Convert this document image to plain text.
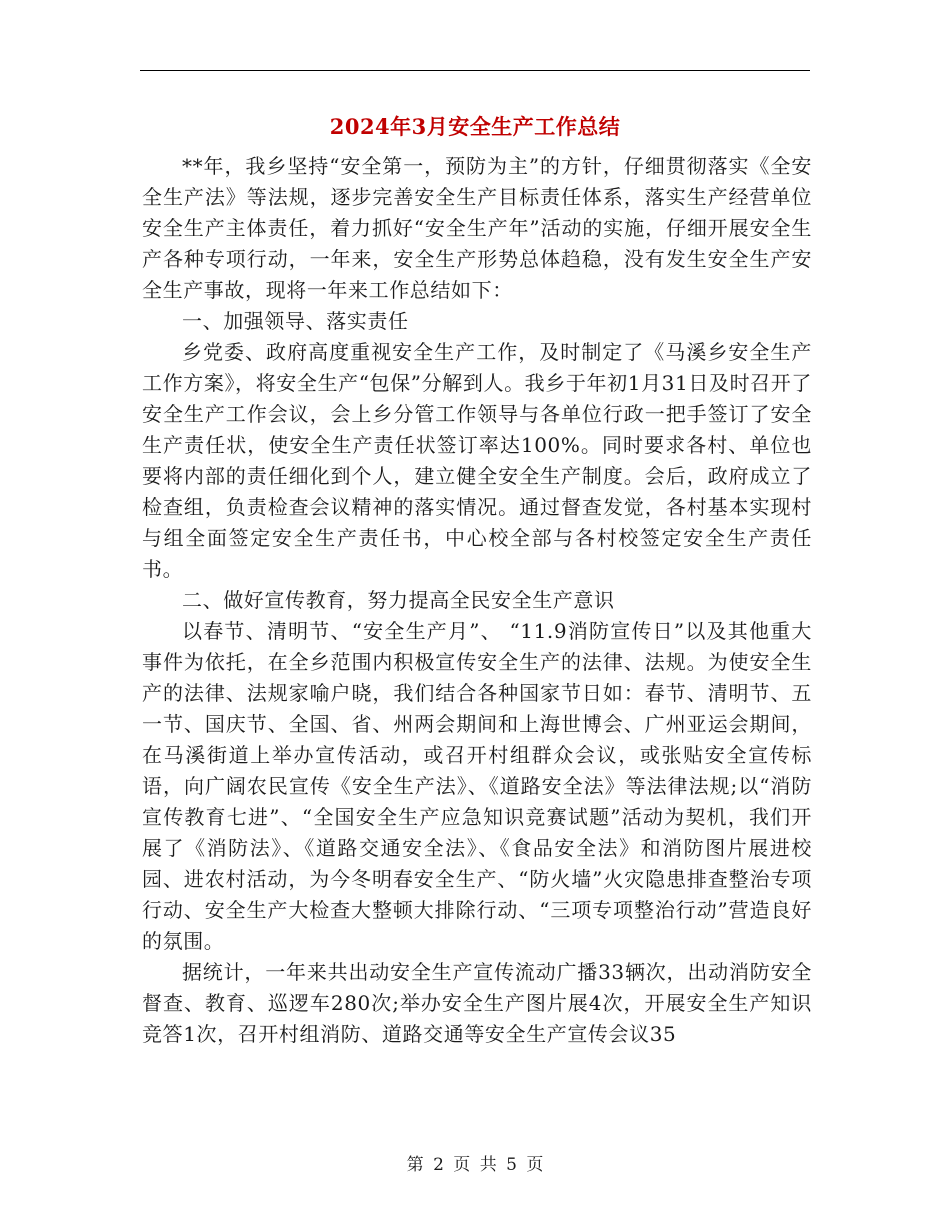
2024年3月安全生产工作总结

**年，我乡坚持“安全第一，预防为主”的方针，仔细贯彻落实《全安全生产法》等法规，逐步完善安全生产目标责任体系，落实生产经营单位安全生产主体责任，着力抓好“安全生产年”活动的实施，仔细开展安全生产各种专项行动，一年来，安全生产形势总体趋稳，没有发生安全生产安全生产事故，现将一年来工作总结如下：

一、加强领导、落实责任

乡党委、政府高度重视安全生产工作，及时制定了《马溪乡安全生产工作方案》，将安全生产“包保”分解到人。我乡于年初1月31日及时召开了安全生产工作会议，会上乡分管工作领导与各单位行政一把手签订了安全生产责任状，使安全生产责任状签订率达100%。同时要求各村、单位也要将内部的责任细化到个人，建立健全安全生产制度。会后，政府成立了检查组，负责检查会议精神的落实情况。通过督查发觉，各村基本实现村与组全面签定安全生产责任书，中心校全部与各村校签定安全生产责任书。

二、做好宣传教育，努力提高全民安全生产意识

以春节、清明节、“安全生产月”、 “11.9消防宣传日”以及其他重大事件为依托，在全乡范围内积极宣传安全生产的法律、法规。为使安全生产的法律、法规家喻户晓，我们结合各种国家节日如：春节、清明节、五一节、国庆节、全国、省、州两会期间和上海世博会、广州亚运会期间，在马溪街道上举办宣传活动，或召开村组群众会议，或张贴安全宣传标语，向广阔农民宣传《安全生产法》、《道路安全法》等法律法规;以“消防宣传教育七进”、“全国安全生产应急知识竞赛试题”活动为契机，我们开展了《消防法》、《道路交通安全法》、《食品安全法》和消防图片展进校园、进农村活动，为今冬明春安全生产、“防火墙”火灾隐患排查整治专项行动、安全生产大检查大整顿大排除行动、“三项专项整治行动”营造良好的氛围。

据统计，一年来共出动安全生产宣传流动广播33辆次，出动消防安全督查、教育、巡逻车280次;举办安全生产图片展4次，开展安全生产知识竞答1次，召开村组消防、道路交通等安全生产宣传会议35

第 2 页 共 5 页
